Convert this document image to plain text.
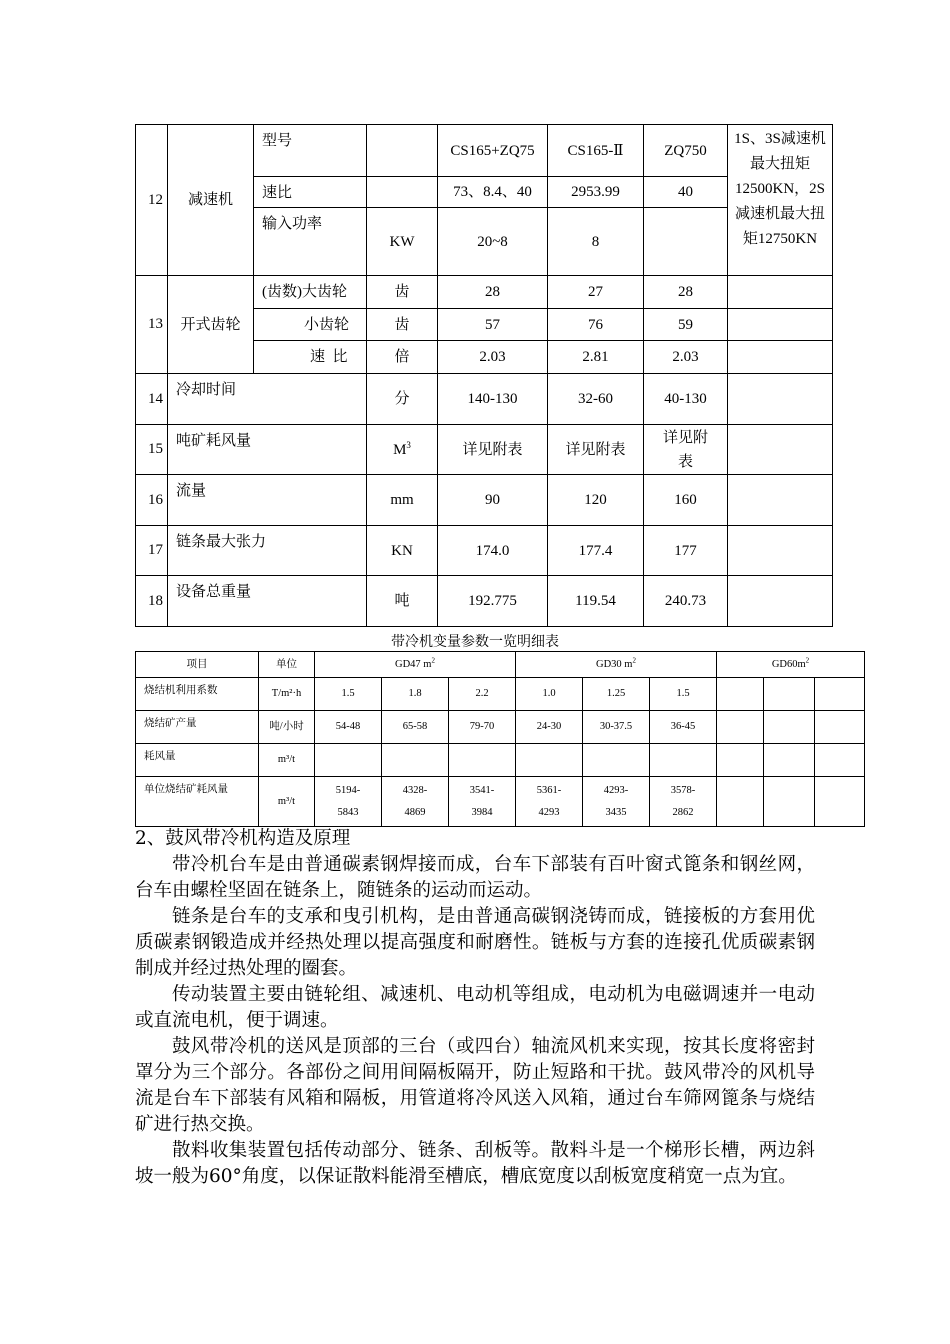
12	减速机	型号		CS165+ZQ75	CS165-Ⅱ	ZQ750	1S、3S减速机最大扭矩12500KN，2S减速机最大扭矩12750KN
		速比		73、8.4、40	2953.99	40	
		输入功率	KW	20~8	8		
13	开式齿轮	(齿数)大齿轮	齿	28	27	28	
		小齿轮	齿	57	76	59	
		速  比	倍	2.03	2.81	2.03	
14	冷却时间		分	140-130	32-60	40-130	
15	吨矿耗风量		$M^3$	详见附表	详见附表	详见附表	
16	流量		mm	90	120	160	
17	链条最大张力		KN	174.0	177.4	177	
18	设备总重量		吨	192.775	119.54	240.73	
带冷机变量参数一览明细表
项目	单位	GD47 $m^2$			GD30 $m^2$			$GD60m^2$
烧结机利用系数	T/m²·h	1.5	1.8	2.2	1.0	1.25	1.5			
烧结矿产量	吨/小时	54-48	65-58	79-70	24-30	30-37.5	36-45			
耗风量	m³/t									
单位烧结矿耗风量	m³/t	5194-5843	4328-4869	3541-3984	5361-4293	4293-3435	3578-2862			
2、鼓风带冷机构造及原理

带冷机台车是由普通碳素钢焊接而成，台车下部装有百叶窗式篦条和钢丝网，台车由螺栓坚固在链条上，随链条的运动而运动。

链条是台车的支承和曳引机构，是由普通高碳钢浇铸而成，链接板的方套用优质碳素钢锻造成并经热处理以提高强度和耐磨性。链板与方套的连接孔优质碳素钢制成并经过热处理的圈套。

传动装置主要由链轮组、减速机、电动机等组成，电动机为电磁调速并一电动或直流电机，便于调速。

鼓风带冷机的送风是顶部的三台（或四台）轴流风机来实现，按其长度将密封罩分为三个部分。各部份之间用间隔板隔开，防止短路和干扰。鼓风带冷的风机导流是台车下部装有风箱和隔板，用管道将冷风送入风箱，通过台车筛网篦条与烧结矿进行热交换。

散料收集装置包括传动部分、链条、刮板等。散料斗是一个梯形长槽，两边斜坡一般为60°角度，以保证散料能滑至槽底，槽底宽度以刮板宽度稍宽一点为宜。
